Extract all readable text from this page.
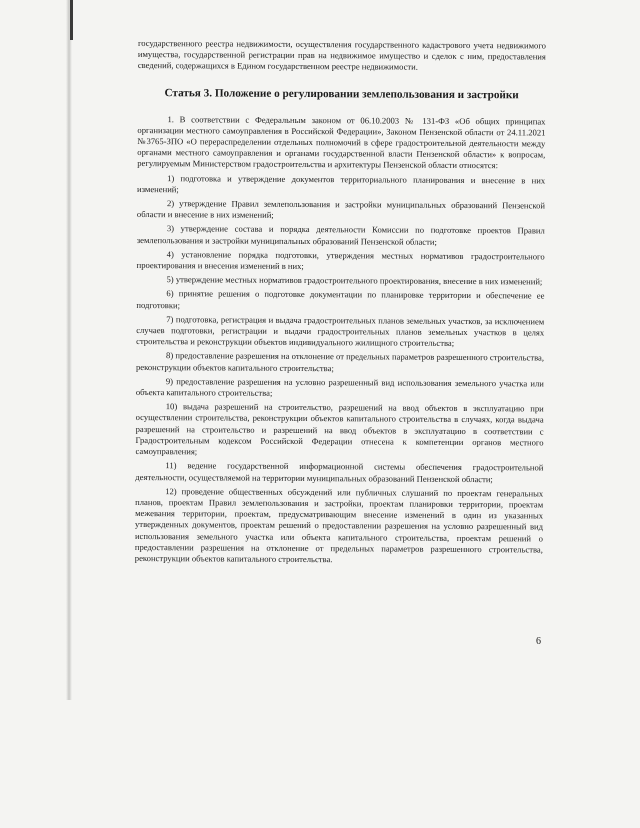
государственного реестра недвижимости, осуществления государственного кадастрового учета недвижимого имущества, государственной регистрации прав на недвижимое имущество и сделок с ним, предоставления сведений, содержащихся в Едином государственном реестре недвижимости.

Статья 3. Положение о регулировании землепользования и застройки

1. В соответствии с Федеральным законом от 06.10.2003 № 131-ФЗ «Об общих принципах организации местного самоуправления в Российской Федерации», Законом Пензенской области от 24.11.2021 №3765-ЗПО «О перераспределении отдельных полномочий в сфере градостроительной деятельности между органами местного самоуправления и органами государственной власти Пензенской области» к вопросам, регулируемым Министерством градостроительства и архитектуры Пензенской области относятся:

1) подготовка и утверждение документов территориального планирования и внесение в них изменений;

2) утверждение Правил землепользования и застройки муниципальных образований Пензенской области и внесение в них изменений;

3) утверждение состава и порядка деятельности Комиссии по подготовке проектов Правил землепользования и застройки муниципальных образований Пензенской области;

4) установление порядка подготовки, утверждения местных нормативов градостроительного проектирования и внесения изменений в них;

5) утверждение местных нормативов градостроительного проектирования, внесение в них изменений;

6) принятие решения о подготовке документации по планировке территории и обеспечение ее подготовки;

7) подготовка, регистрация и выдача градостроительных планов земельных участков, за исключением случаев подготовки, регистрации и выдачи градостроительных планов земельных участков в целях строительства и реконструкции объектов индивидуального жилищного строительства;

8) предоставление разрешения на отклонение от предельных параметров разрешенного строительства, реконструкции объектов капитального строительства;

9) предоставление разрешения на условно разрешенный вид использования земельного участка или объекта капитального строительства;

10) выдача разрешений на строительство, разрешений на ввод объектов в эксплуатацию при осуществлении строительства, реконструкции объектов капитального строительства в случаях, когда выдача разрешений на строительство и разрешений на ввод объектов в эксплуатацию в соответствии с Градостроительным кодексом Российской Федерации отнесена к компетенции органов местного самоуправления;

11) ведение государственной информационной системы обеспечения градостроительной деятельности, осуществляемой на территории муниципальных образований Пензенской области;

12) проведение общественных обсуждений или публичных слушаний по проектам генеральных планов, проектам Правил землепользования и застройки, проектам планировки территории, проектам межевания территории, проектам, предусматривающим внесение изменений в один из указанных утвержденных документов, проектам решений о предоставлении разрешения на условно разрешенный вид использования земельного участка или объекта капитального строительства, проектам решений о предоставлении разрешения на отклонение от предельных параметров разрешенного строительства, реконструкции объектов капитального строительства.

6
